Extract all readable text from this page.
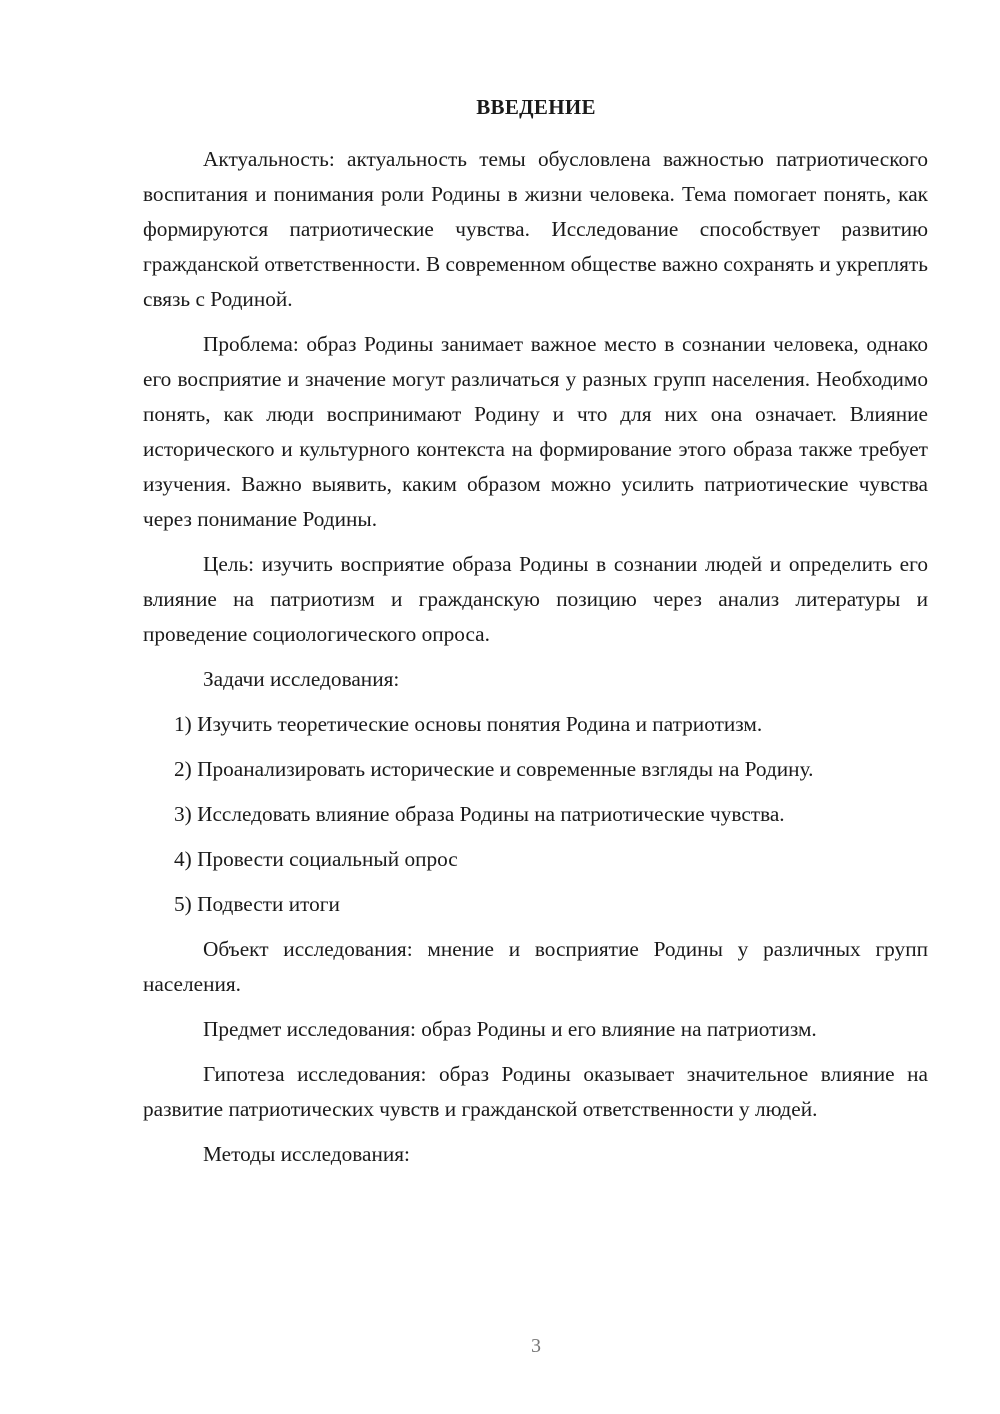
ВВЕДЕНИЕ

Актуальность: актуальность темы обусловлена важностью патриотического воспитания и понимания роли Родины в жизни человека. Тема помогает понять, как формируются патриотические чувства. Исследование способствует развитию гражданской ответственности. В современном обществе важно сохранять и укреплять связь с Родиной.

Проблема: образ Родины занимает важное место в сознании человека, однако его восприятие и значение могут различаться у разных групп населения. Необходимо понять, как люди воспринимают Родину и что для них она означает. Влияние исторического и культурного контекста на формирование этого образа также требует изучения. Важно выявить, каким образом можно усилить патриотические чувства через понимание Родины.

Цель: изучить восприятие образа Родины в сознании людей и определить его влияние на патриотизм и гражданскую позицию через анализ литературы и проведение социологического опроса.

Задачи исследования:

1) Изучить теоретические основы понятия Родина и патриотизм.

2) Проанализировать исторические и современные взгляды на Родину.

3) Исследовать влияние образа Родины на патриотические чувства.

4) Провести социальный опрос

5) Подвести итоги

Объект исследования: мнение и восприятие Родины у различных групп населения.

Предмет исследования: образ Родины и его влияние на патриотизм.

Гипотеза исследования: образ Родины оказывает значительное влияние на развитие патриотических чувств и гражданской ответственности у людей.

Методы исследования:

3
